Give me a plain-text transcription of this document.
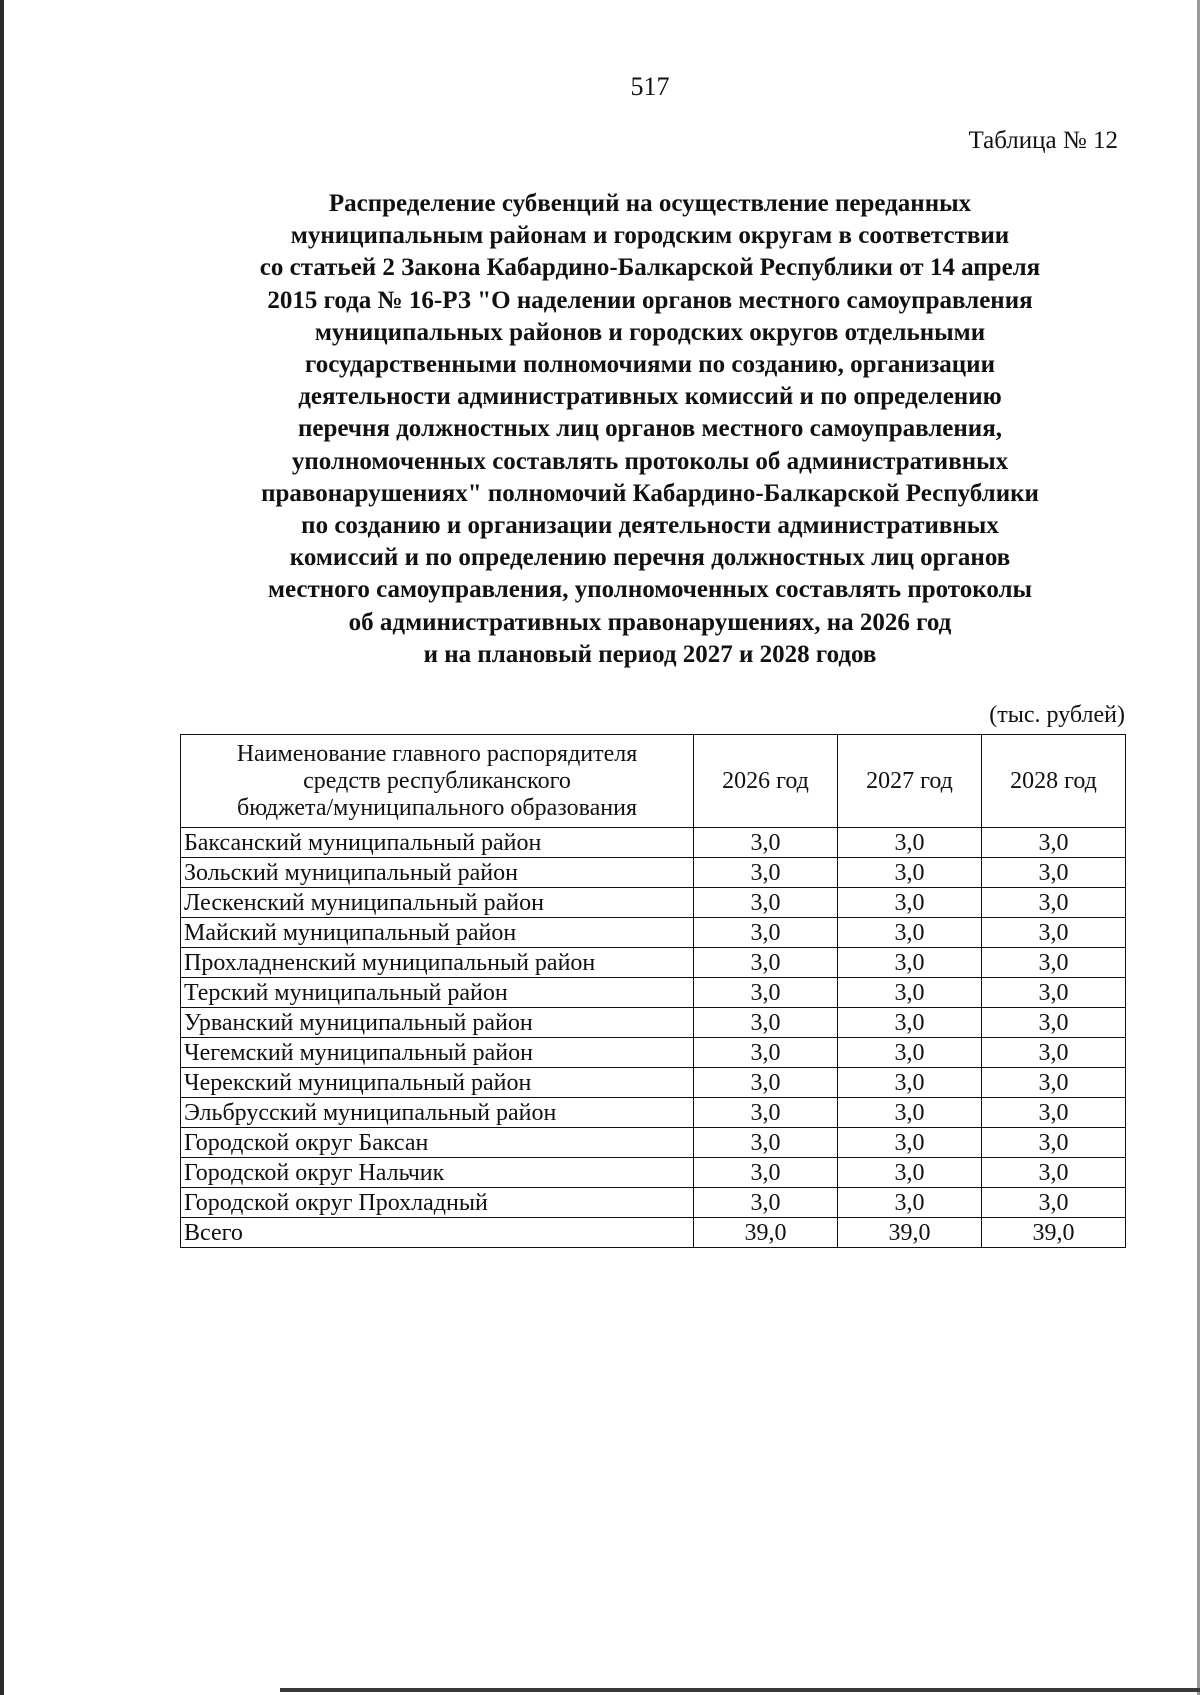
517
Таблица № 12
Распределение субвенций на осуществление переданных
муниципальным районам и городским округам в соответствии
со статьей 2 Закона Кабардино-Балкарской Республики от 14 апреля
2015 года № 16-РЗ "О наделении органов местного самоуправления
муниципальных районов и городских округов отдельными
государственными полномочиями по созданию, организации
деятельности административных комиссий и по определению
перечня должностных лиц органов местного самоуправления,
уполномоченных составлять протоколы об административных
правонарушениях" полномочий Кабардино-Балкарской Республики
по созданию и организации деятельности административных
комиссий и по определению перечня должностных лиц органов
местного самоуправления, уполномоченных составлять протоколы
об административных правонарушениях, на 2026 год
и на плановый период 2027 и 2028 годов
(тыс. рублей)
Наименование главного распорядителя
средств республиканского
бюджета/муниципального образования	2026 год	2027 год	2028 год
Баксанский муниципальный район	3,0	3,0	3,0
Зольский муниципальный район	3,0	3,0	3,0
Лескенский муниципальный район	3,0	3,0	3,0
Майский муниципальный район	3,0	3,0	3,0
Прохладненский муниципальный район	3,0	3,0	3,0
Терский муниципальный район	3,0	3,0	3,0
Урванский муниципальный район	3,0	3,0	3,0
Чегемский муниципальный район	3,0	3,0	3,0
Черекский муниципальный район	3,0	3,0	3,0
Эльбрусский муниципальный район	3,0	3,0	3,0
Городской округ Баксан	3,0	3,0	3,0
Городской округ Нальчик	3,0	3,0	3,0
Городской округ Прохладный	3,0	3,0	3,0
Всего	39,0	39,0	39,0
